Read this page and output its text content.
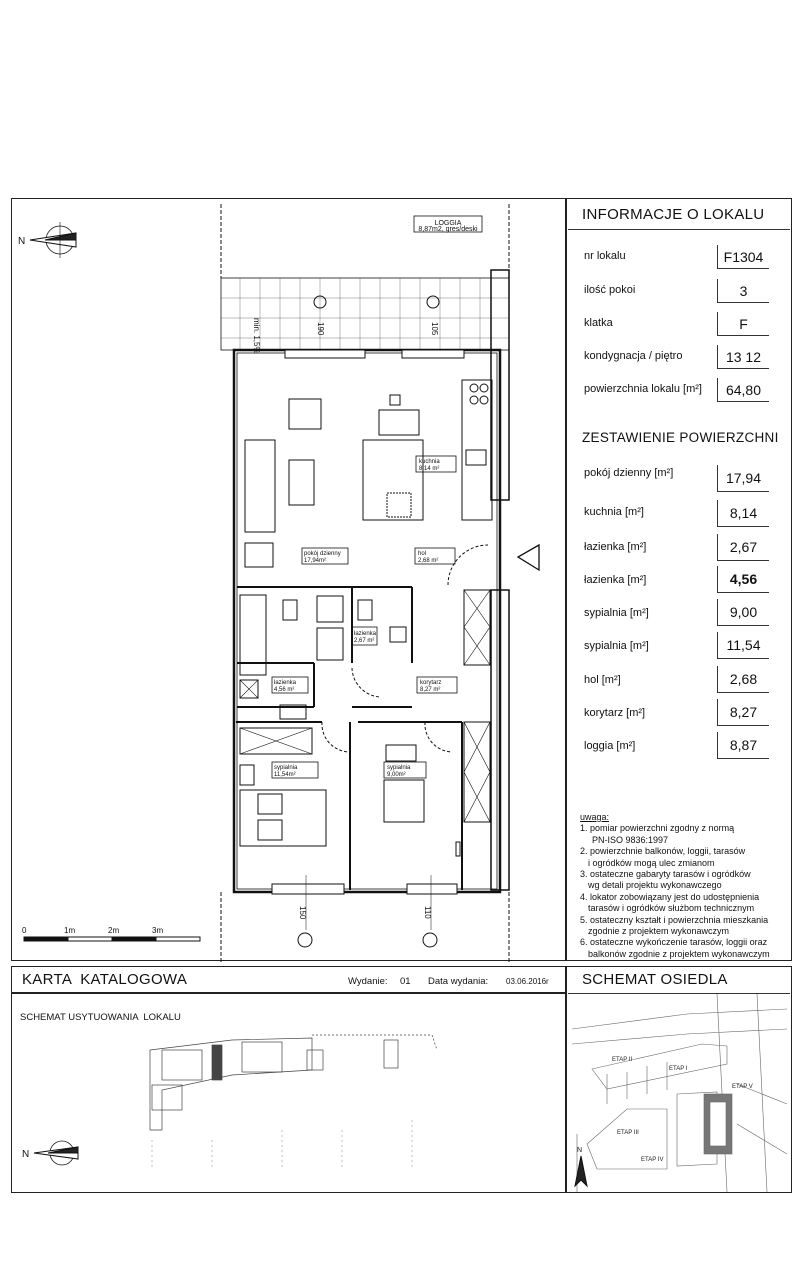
INFORMACJE O LOKALU
nr lokalu	F1304
ilość pokoi	3
klatka	F
kondygnacja / piętro	13 12
powierzchnia lokalu [m²]	64,80
ZESTAWIENIE POWIERZCHNI
pokój dzienny [m²]	17,94
kuchnia [m²]	8,14
łazienka [m²]	2,67
łazienka [m²]	4,56
sypialnia [m²]	9,00
sypialnia [m²]	11,54
hol [m²]	2,68
korytarz [m²]	8,27
loggia [m²]	8,87
uwaga:
1. pomiar powierzchni zgodny z normą
PN-ISO 9836:1997
2. powierzchnie balkonów, loggii, tarasów
i ogródków mogą ulec zmianom
3. ostateczne gabaryty tarasów i ogródków
wg detali projektu wykonawczego
4. lokator zobowiązany jest do udostępnienia
tarasów i ogródków służbom technicznym
5. ostateczny kształt i powierzchnia mieszkania
zgodnie z projektem wykonawczym
6. ostateczne wykończenie tarasów, loggii oraz
balkonów zgodnie z projektem wykonawczym
KARTA  KATALOGOWA	Wydanie: 01 Data wydania: 03.06.2016r
SCHEMAT USYTUOWANIA  LOKALU
SCHEMAT OSIEDLA
N
LOGGIA
8,87m2, gres/deski
min. 1,5%	190	105
kuchnia
8,14 m²
pokój dzienny
17,94m²
hol
2,68 m²
łazienka
2,67 m²
łazienka
4,56 m²
korytarz
8,27 m²
sypialnia
11,54m²
sypialnia
9,00m²
150	110
0	1m	2m	3m
N
ETAP II
ETAP I
ETAP III
ETAP IV
ETAP V
N
